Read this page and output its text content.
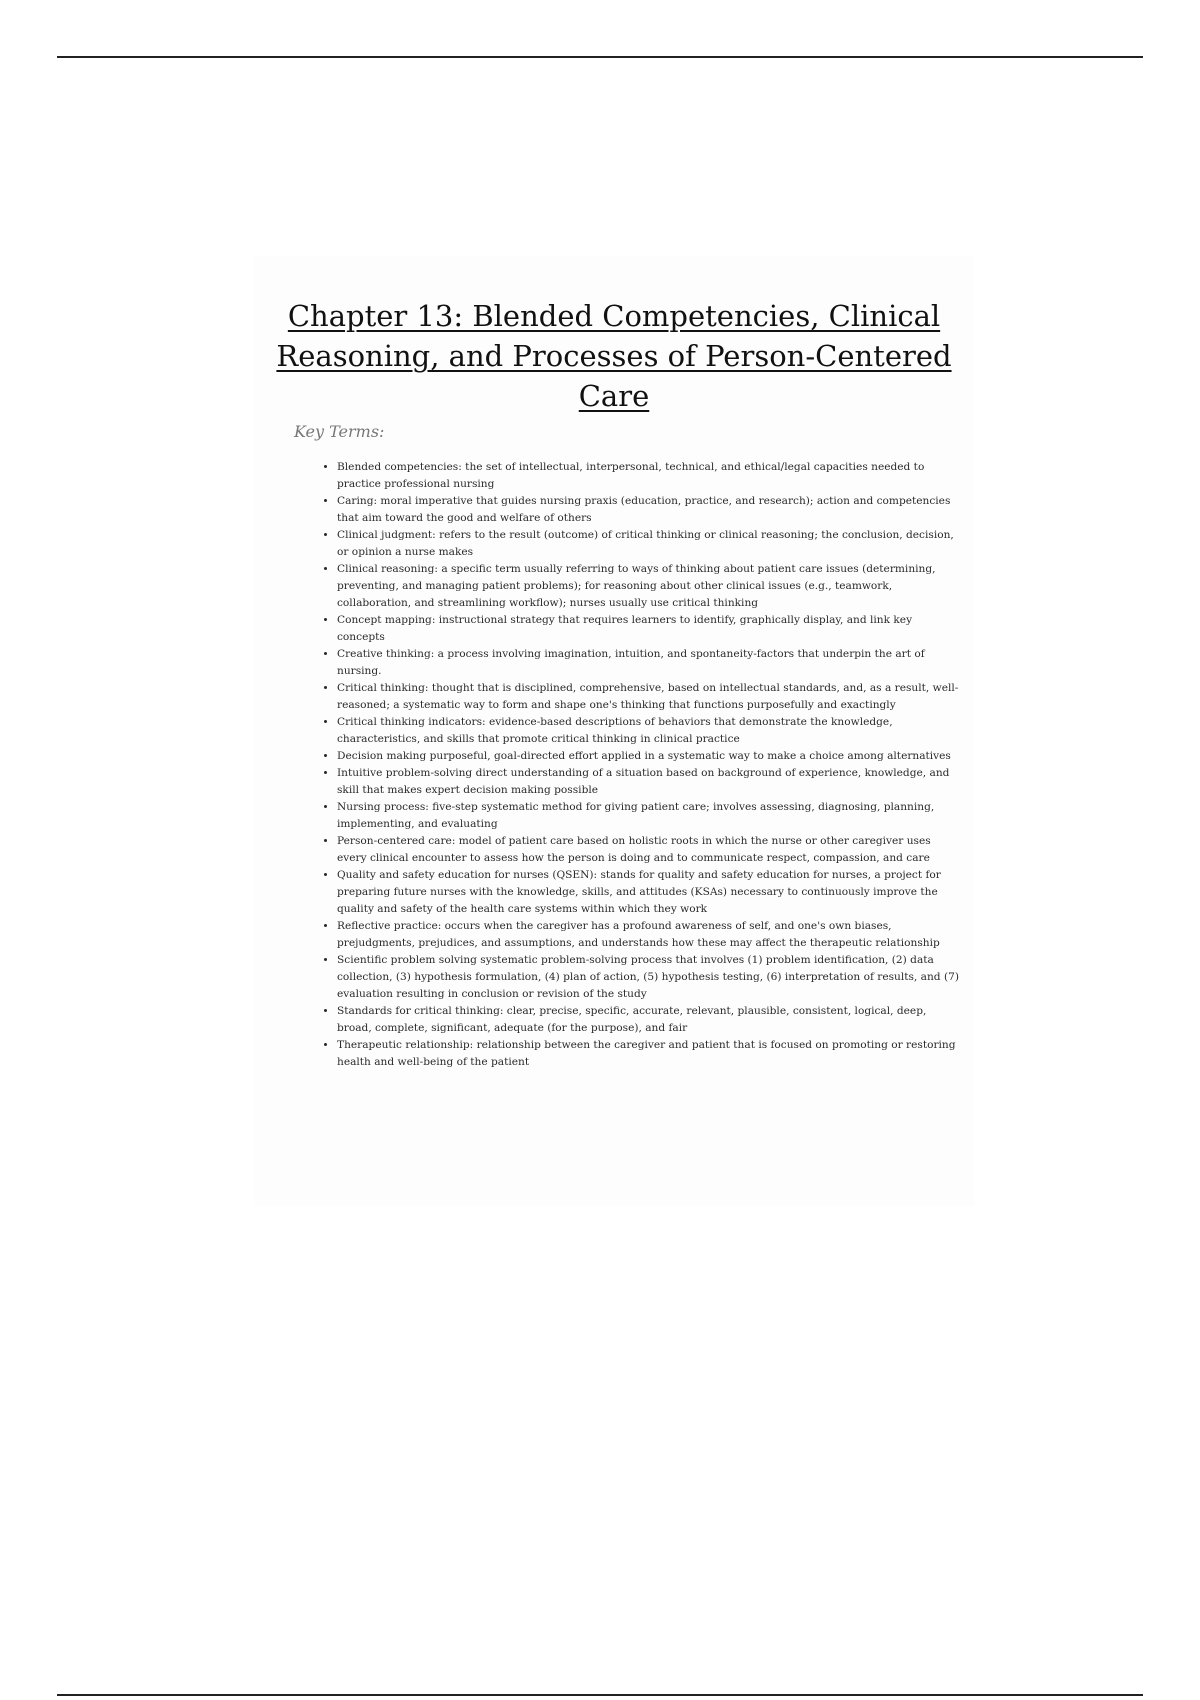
Chapter 13: Blended Competencies, Clinical Reasoning, and Processes of Person-Centered Care
Key Terms:
• Blended competencies: the set of intellectual, interpersonal, technical, and ethical/legal capacities needed to practice professional nursing
• Caring: moral imperative that guides nursing praxis (education, practice, and research); action and competencies that aim toward the good and welfare of others
• Clinical judgment: refers to the result (outcome) of critical thinking or clinical reasoning; the conclusion, decision, or opinion a nurse makes
• Clinical reasoning: a specific term usually referring to ways of thinking about patient care issues (determining, preventing, and managing patient problems); for reasoning about other clinical issues (e.g., teamwork, collaboration, and streamlining workflow); nurses usually use critical thinking
• Concept mapping: instructional strategy that requires learners to identify, graphically display, and link key concepts
• Creative thinking: a process involving imagination, intuition, and spontaneity-factors that underpin the art of nursing.
• Critical thinking: thought that is disciplined, comprehensive, based on intellectual standards, and, as a result, well-reasoned; a systematic way to form and shape one's thinking that functions purposefully and exactingly
• Critical thinking indicators: evidence-based descriptions of behaviors that demonstrate the knowledge, characteristics, and skills that promote critical thinking in clinical practice
• Decision making purposeful, goal-directed effort applied in a systematic way to make a choice among alternatives
• Intuitive problem-solving direct understanding of a situation based on background of experience, knowledge, and skill that makes expert decision making possible
• Nursing process: five-step systematic method for giving patient care; involves assessing, diagnosing, planning, implementing, and evaluating
• Person-centered care: model of patient care based on holistic roots in which the nurse or other caregiver uses every clinical encounter to assess how the person is doing and to communicate respect, compassion, and care
• Quality and safety education for nurses (QSEN): stands for quality and safety education for nurses, a project for preparing future nurses with the knowledge, skills, and attitudes (KSAs) necessary to continuously improve the quality and safety of the health care systems within which they work
• Reflective practice: occurs when the caregiver has a profound awareness of self, and one's own biases, prejudgments, prejudices, and assumptions, and understands how these may affect the therapeutic relationship
• Scientific problem solving systematic problem-solving process that involves (1) problem identification, (2) data collection, (3) hypothesis formulation, (4) plan of action, (5) hypothesis testing, (6) interpretation of results, and (7) evaluation resulting in conclusion or revision of the study
• Standards for critical thinking: clear, precise, specific, accurate, relevant, plausible, consistent, logical, deep, broad, complete, significant, adequate (for the purpose), and fair
• Therapeutic relationship: relationship between the caregiver and patient that is focused on promoting or restoring health and well-being of the patient
